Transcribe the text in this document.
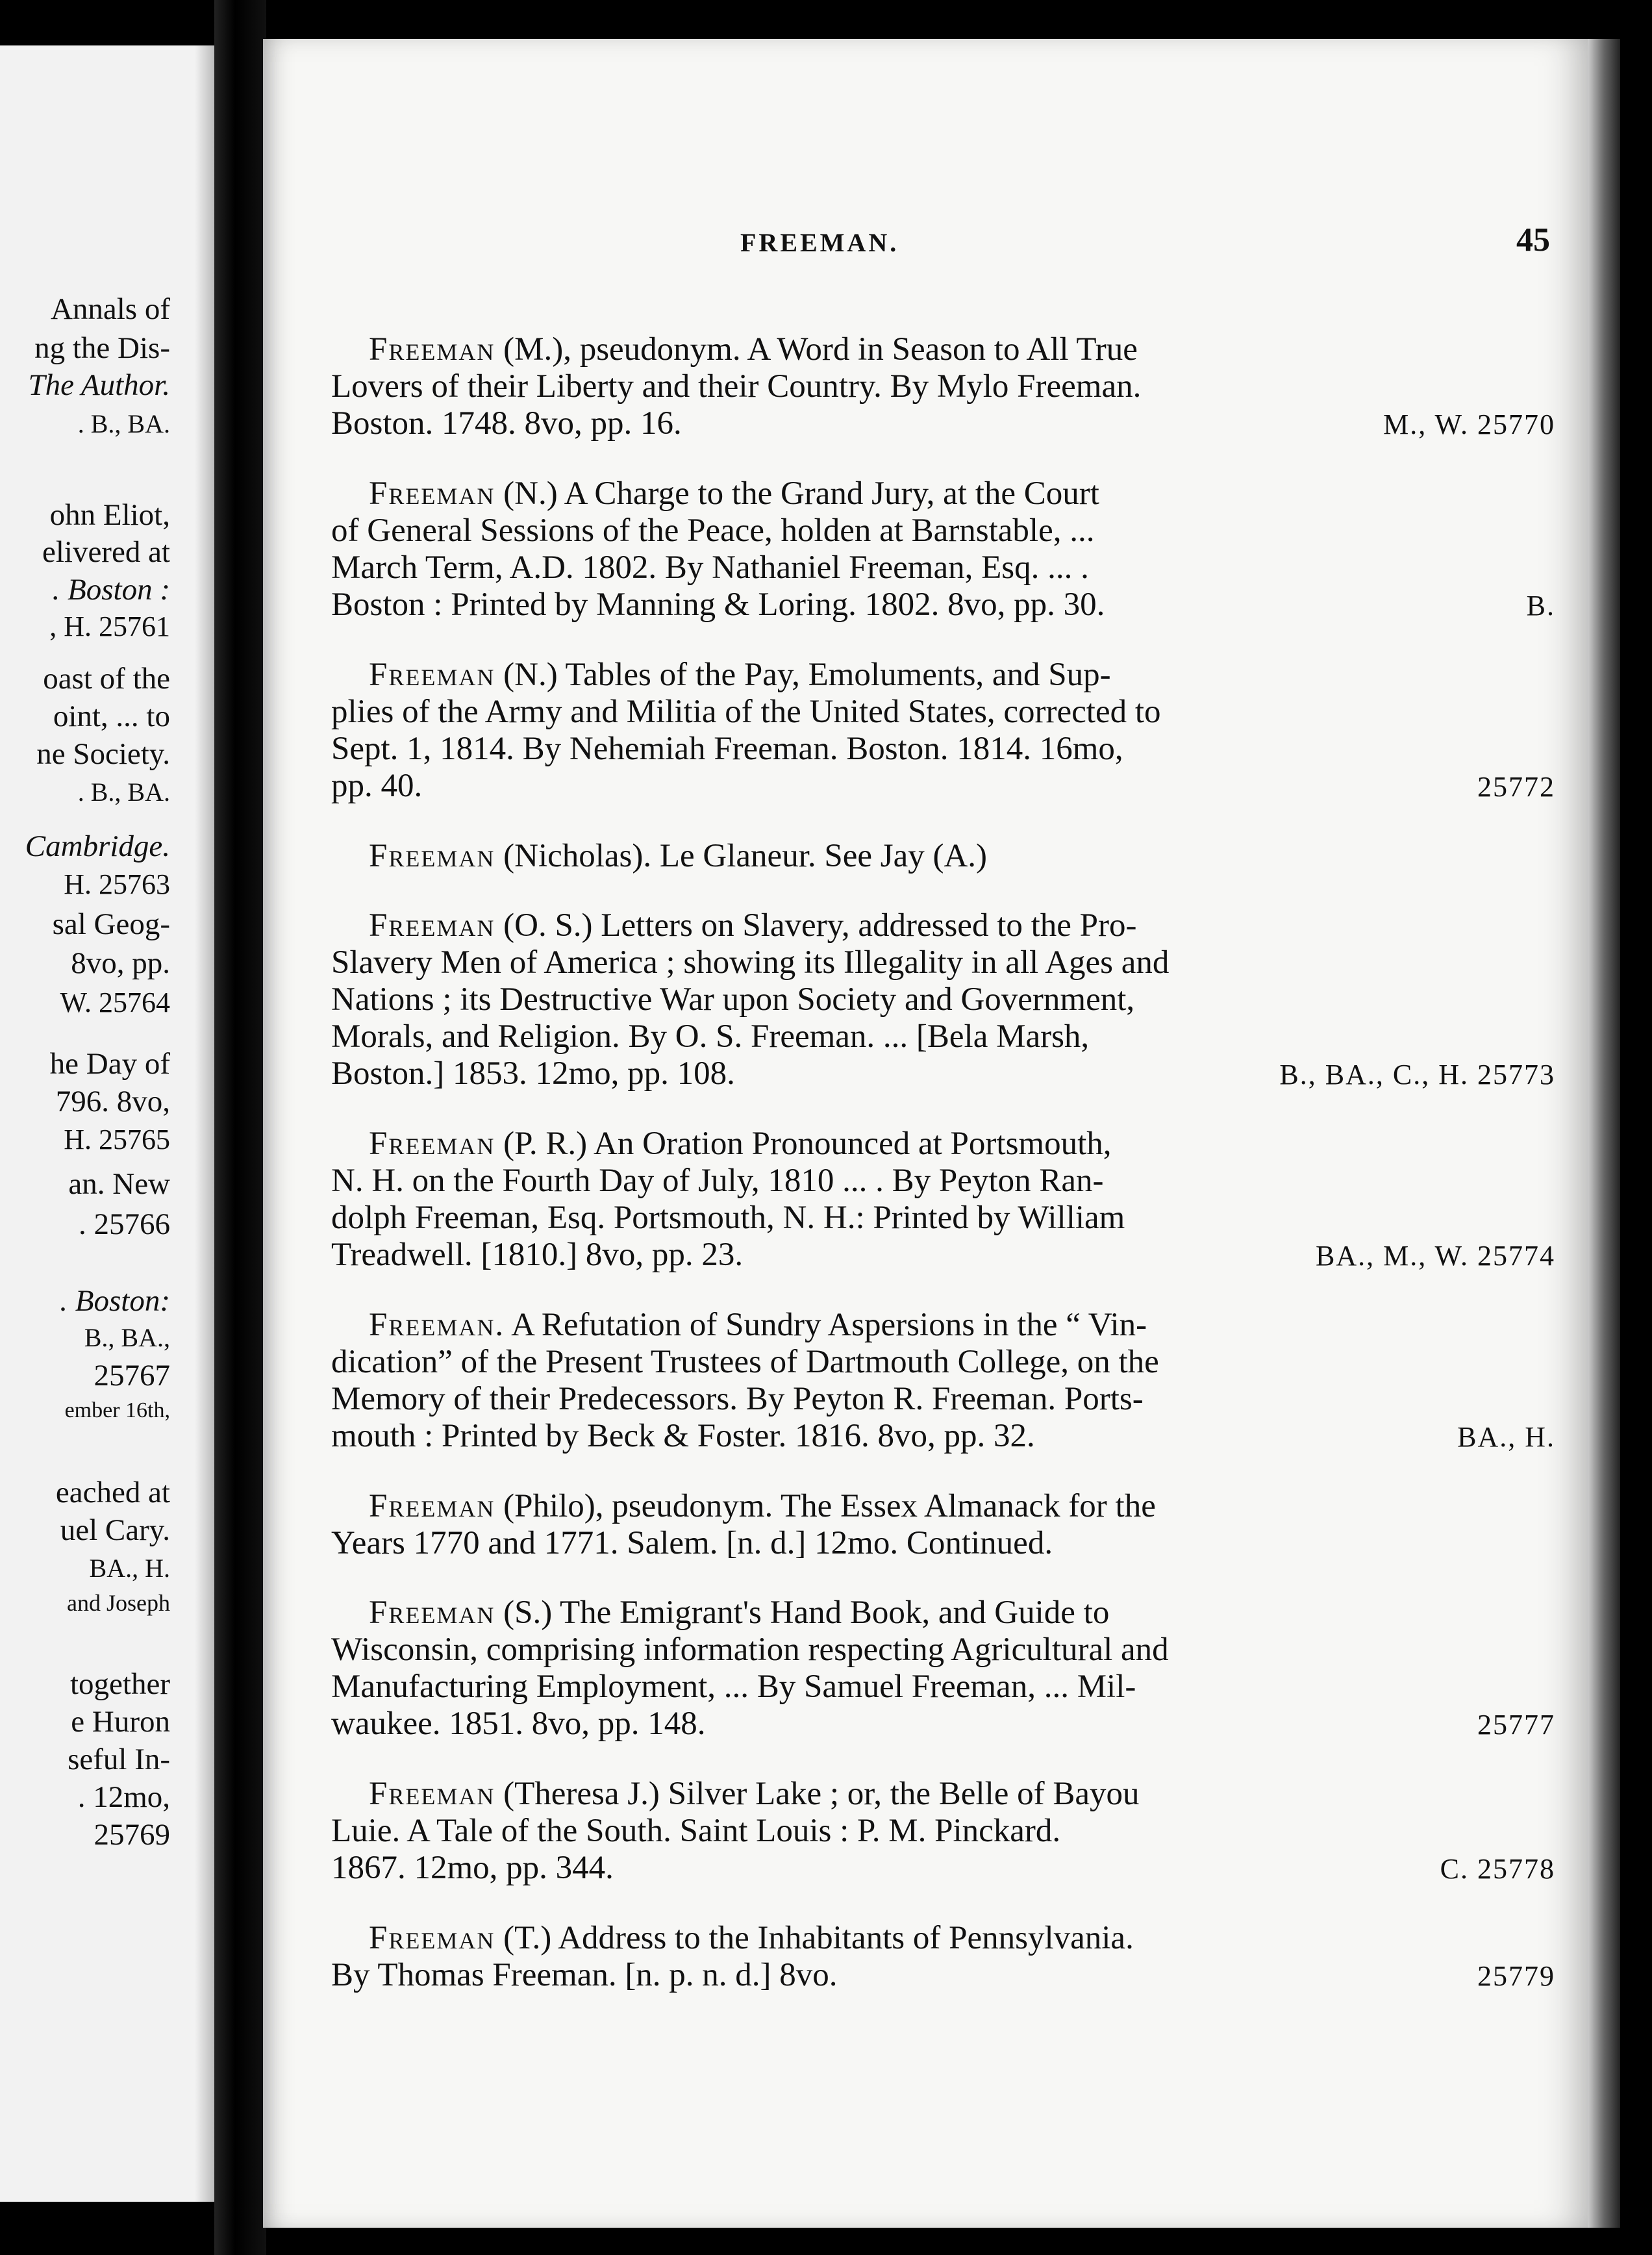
Annals of
ng the Dis-
The Author.
. B., BA.
ohn Eliot,
elivered at
. Boston :
, H. 25761
oast of the
oint, ... to
ne Society.
. B., BA.
Cambridge.
H. 25763
sal Geog-
8vo, pp.
W. 25764
he Day of
796. 8vo,
H. 25765
an. New
. 25766
. Boston:
B., BA.,
25767
ember 16th,
eached at
uel Cary.
BA., H.
and Joseph
together
e Huron
seful In-
. 12mo,
25769
FREEMAN.	45
Freeman (M.), pseudonym. A Word in Season to All True
Lovers of their Liberty and their Country. By Mylo Freeman.
Boston. 1748. 8vo, pp. 16.	M., W. 25770
Freeman (N.) A Charge to the Grand Jury, at the Court
of General Sessions of the Peace, holden at Barnstable, ...
March Term, A.D. 1802. By Nathaniel Freeman, Esq. ... .
Boston : Printed by Manning & Loring. 1802. 8vo, pp. 30.	B.
Freeman (N.) Tables of the Pay, Emoluments, and Sup-
plies of the Army and Militia of the United States, corrected to
Sept. 1, 1814. By Nehemiah Freeman. Boston. 1814. 16mo,
pp. 40.	25772
Freeman (Nicholas). Le Glaneur. See Jay (A.)
Freeman (O. S.) Letters on Slavery, addressed to the Pro-
Slavery Men of America ; showing its Illegality in all Ages and
Nations ; its Destructive War upon Society and Government,
Morals, and Religion. By O. S. Freeman. ... [Bela Marsh,
Boston.] 1853. 12mo, pp. 108.	B., BA., C., H. 25773
Freeman (P. R.) An Oration Pronounced at Portsmouth,
N. H. on the Fourth Day of July, 1810 ... . By Peyton Ran-
dolph Freeman, Esq. Portsmouth, N. H.: Printed by William
Treadwell. [1810.] 8vo, pp. 23.	BA., M., W. 25774
Freeman. A Refutation of Sundry Aspersions in the “ Vin-
dication” of the Present Trustees of Dartmouth College, on the
Memory of their Predecessors. By Peyton R. Freeman. Ports-
mouth : Printed by Beck & Foster. 1816. 8vo, pp. 32.	BA., H.
Freeman (Philo), pseudonym. The Essex Almanack for the
Years 1770 and 1771. Salem. [n. d.] 12mo. Continued.
Freeman (S.) The Emigrant's Hand Book, and Guide to
Wisconsin, comprising information respecting Agricultural and
Manufacturing Employment, ... By Samuel Freeman, ... Mil-
waukee. 1851. 8vo, pp. 148.	25777
Freeman (Theresa J.) Silver Lake ; or, the Belle of Bayou
Luie. A Tale of the South. Saint Louis : P. M. Pinckard.
1867. 12mo, pp. 344.	C. 25778
Freeman (T.) Address to the Inhabitants of Pennsylvania.
By Thomas Freeman. [n. p. n. d.] 8vo.	25779
